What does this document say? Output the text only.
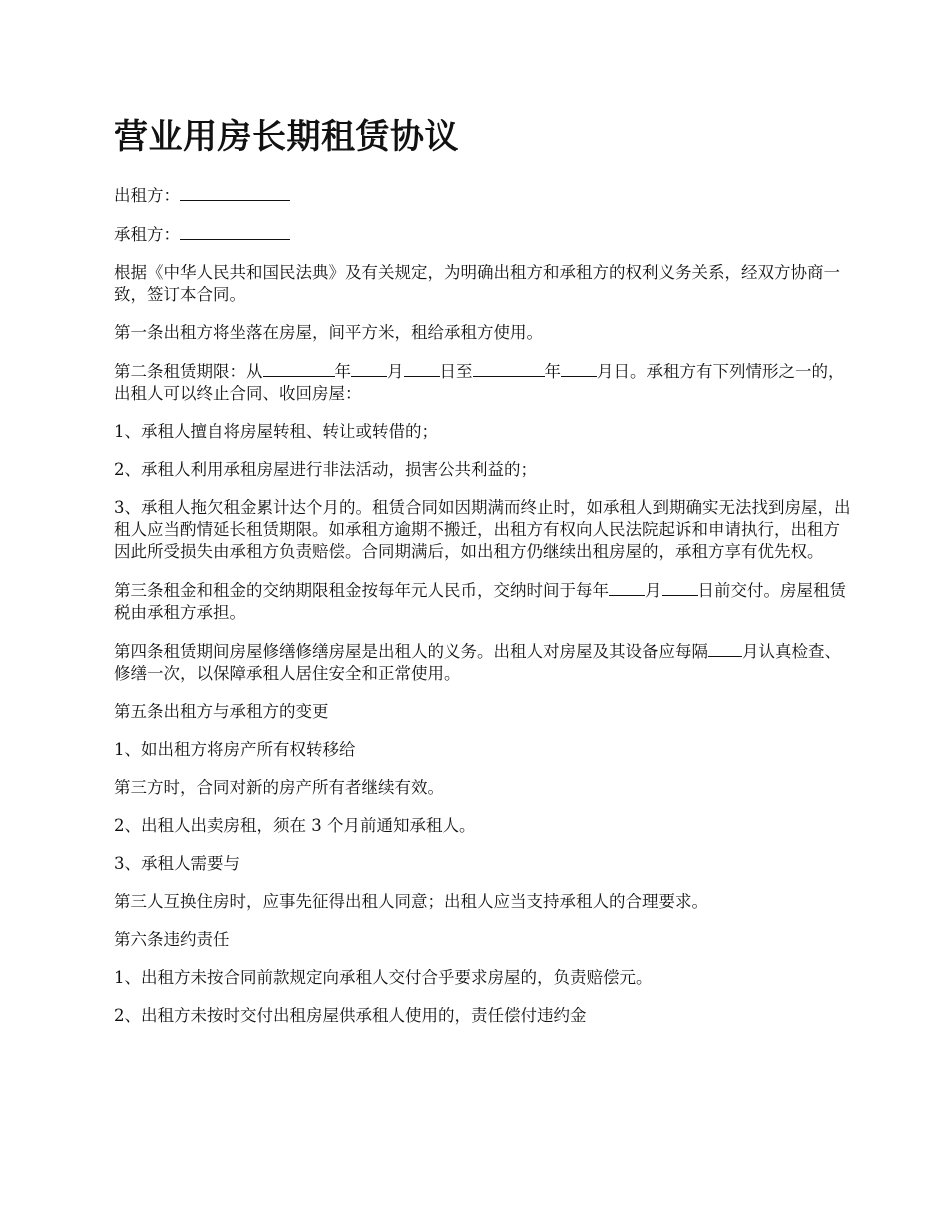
营业用房长期租赁协议

出租方：

承租方：

根据《中华人民共和国民法典》及有关规定，为明确出租方和承租方的权利义务关系，经双方协商一致，签订本合同。

第一条出租方将坐落在房屋，间平方米，租给承租方使用。

第二条租赁期限：从	年 月 日至	年 月日。承租方有下列情形之一的，出租人可以终止合同、收回房屋：

1、承租人擅自将房屋转租、转让或转借的；

2、承租人利用承租房屋进行非法活动，损害公共利益的；

3、承租人拖欠租金累计达个月的。租赁合同如因期满而终止时，如承租人到期确实无法找到房屋，出租人应当酌情延长租赁期限。如承租方逾期不搬迁，出租方有权向人民法院起诉和申请执行，出租方因此所受损失由承租方负责赔偿。合同期满后，如出租方仍继续出租房屋的，承租方享有优先权。

第三条租金和租金的交纳期限租金按每年元人民币，交纳时间于每年 月 日前交付。房屋租赁税由承租方承担。

第四条租赁期间房屋修缮修缮房屋是出租人的义务。出租人对房屋及其设备应每隔 月认真检查、修缮一次，以保障承租人居住安全和正常使用。

第五条出租方与承租方的变更

1、如出租方将房产所有权转移给

第三方时，合同对新的房产所有者继续有效。

2、出租人出卖房租，须在 3 个月前通知承租人。

3、承租人需要与

第三人互换住房时，应事先征得出租人同意；出租人应当支持承租人的合理要求。

第六条违约责任

1、出租方未按合同前款规定向承租人交付合乎要求房屋的，负责赔偿元。

2、出租方未按时交付出租房屋供承租人使用的，责任偿付违约金
